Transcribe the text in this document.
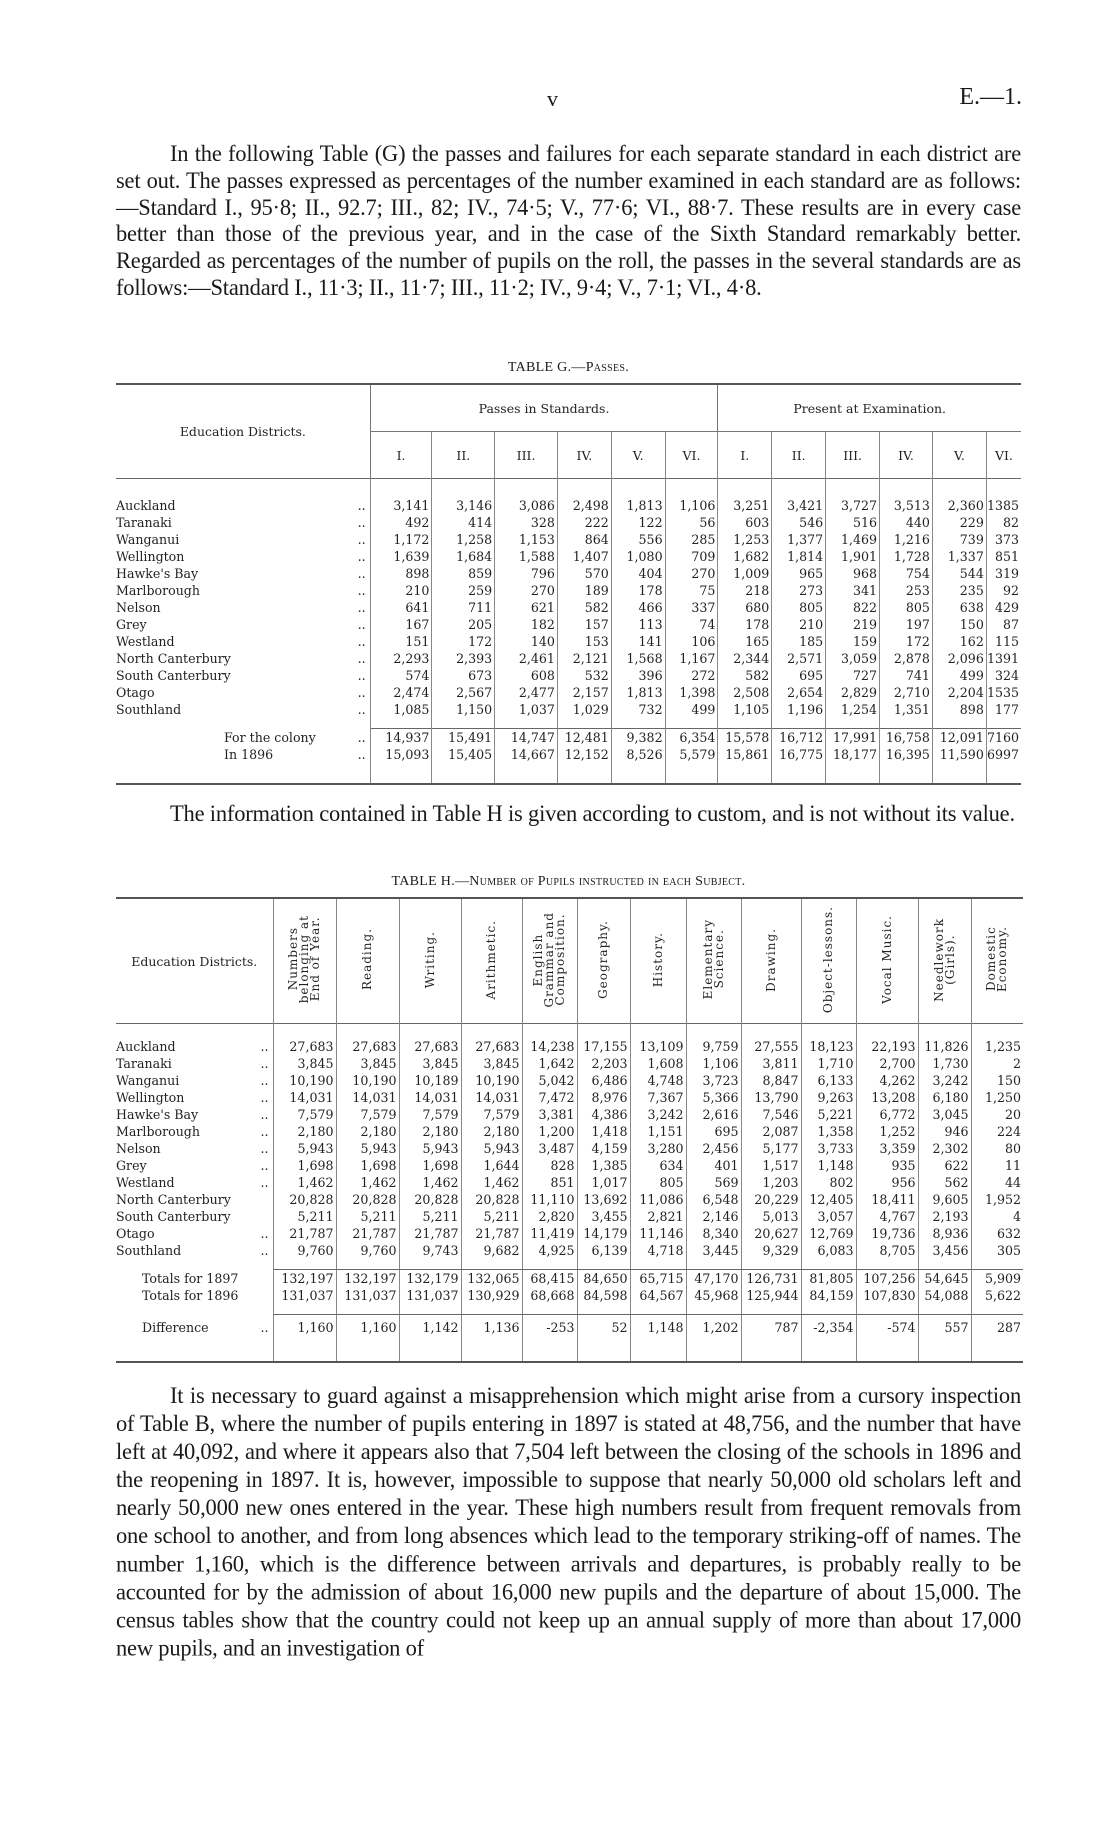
v	E.—1.

In the following Table (G) the passes and failures for each separate standard in each district are set out. The passes expressed as percentages of the number examined in each standard are as follows:—Standard I., 95·8; II., 92.7; III., 82; IV., 74·5; V., 77·6; VI., 88·7. These results are in every case better than those of the previous year, and in the case of the Sixth Standard remarkably better. Regarded as percentages of the number of pupils on the roll, the passes in the several standards are as follows:—Standard I., 11·3; II., 11·7; III., 11·2; IV., 9·4; V., 7·1; VI., 4·8.

TABLE G.—Passes.
Education Districts.	Passes in Standards.						Present at Examination.					
	I.	II.	III.	IV.	V.	VI.	I.	II.	III.	IV.	V.	VI.

Auckland ..	3,141	3,146	3,086	2,498	1,813	1,106	3,251	3,421	3,727	3,513	2,360	1385
Taranaki ..	492	414	328	222	122	56	603	546	516	440	229	82
Wanganui ..	1,172	1,258	1,153	864	556	285	1,253	1,377	1,469	1,216	739	373
Wellington ..	1,639	1,684	1,588	1,407	1,080	709	1,682	1,814	1,901	1,728	1,337	851
Hawke's Bay ..	898	859	796	570	404	270	1,009	965	968	754	544	319
Marlborough ..	210	259	270	189	178	75	218	273	341	253	235	92
Nelson ..	641	711	621	582	466	337	680	805	822	805	638	429
Grey ..	167	205	182	157	113	74	178	210	219	197	150	87
Westland ..	151	172	140	153	141	106	165	185	159	172	162	115
North Canterbury ..	2,293	2,393	2,461	2,121	1,568	1,167	2,344	2,571	3,059	2,878	2,096	1391
South Canterbury ..	574	673	608	532	396	272	582	695	727	741	499	324
Otago ..	2,474	2,567	2,477	2,157	1,813	1,398	2,508	2,654	2,829	2,710	2,204	1535
Southland ..	1,085	1,150	1,037	1,029	732	499	1,105	1,196	1,254	1,351	898	177

For the colony ..	14,937	15,491	14,747	12,481	9,382	6,354	15,578	16,712	17,991	16,758	12,091	7160
In 1896 ..	15,093	15,405	14,667	12,152	8,526	5,579	15,861	16,775	18,177	16,395	11,590	6997

The information contained in Table H is given according to custom, and is not without its value.

TABLE H.—Number of Pupils instructed in each Subject.
Education Districts.	Numbers
belonging at
End of Year.	Reading.	Writing.	Arithmetic.	English
Grammar and
Composition.	Geography.	History.	Elementary
Science.	Drawing.	Object-lessons.	Vocal Music.	Needlework
(Girls).	Domestic
Economy.

Auckland ..	27,683	27,683	27,683	27,683	14,238	17,155	13,109	9,759	27,555	18,123	22,193	11,826	1,235
Taranaki ..	3,845	3,845	3,845	3,845	1,642	2,203	1,608	1,106	3,811	1,710	2,700	1,730	2
Wanganui ..	10,190	10,190	10,189	10,190	5,042	6,486	4,748	3,723	8,847	6,133	4,262	3,242	150
Wellington ..	14,031	14,031	14,031	14,031	7,472	8,976	7,367	5,366	13,790	9,263	13,208	6,180	1,250
Hawke's Bay ..	7,579	7,579	7,579	7,579	3,381	4,386	3,242	2,616	7,546	5,221	6,772	3,045	20
Marlborough ..	2,180	2,180	2,180	2,180	1,200	1,418	1,151	695	2,087	1,358	1,252	946	224
Nelson ..	5,943	5,943	5,943	5,943	3,487	4,159	3,280	2,456	5,177	3,733	3,359	2,302	80
Grey ..	1,698	1,698	1,698	1,644	828	1,385	634	401	1,517	1,148	935	622	11
Westland ..	1,462	1,462	1,462	1,462	851	1,017	805	569	1,203	802	956	562	44
North Canterbury	20,828	20,828	20,828	20,828	11,110	13,692	11,086	6,548	20,229	12,405	18,411	9,605	1,952
South Canterbury	5,211	5,211	5,211	5,211	2,820	3,455	2,821	2,146	5,013	3,057	4,767	2,193	4
Otago ..	21,787	21,787	21,787	21,787	11,419	14,179	11,146	8,340	20,627	12,769	19,736	8,936	632
Southland ..	9,760	9,760	9,743	9,682	4,925	6,139	4,718	3,445	9,329	6,083	8,705	3,456	305

Totals for 1897	132,197	132,197	132,179	132,065	68,415	84,650	65,715	47,170	126,731	81,805	107,256	54,645	5,909
Totals for 1896	131,037	131,037	131,037	130,929	68,668	84,598	64,567	45,968	125,944	84,159	107,830	54,088	5,622

Difference ..	1,160	1,160	1,142	1,136	-253	52	1,148	1,202	787	-2,354	-574	557	287

It is necessary to guard against a misapprehension which might arise from a cursory inspection of Table B, where the number of pupils entering in 1897 is stated at 48,756, and the number that have left at 40,092, and where it appears also that 7,504 left between the closing of the schools in 1896 and the reopening in 1897. It is, however, impossible to suppose that nearly 50,000 old scholars left and nearly 50,000 new ones entered in the year. These high numbers result from frequent removals from one school to another, and from long absences which lead to the temporary striking-off of names. The number 1,160, which is the difference between arrivals and departures, is probably really to be accounted for by the admission of about 16,000 new pupils and the departure of about 15,000. The census tables show that the country could not keep up an annual supply of more than about 17,000 new pupils, and an investigation of
